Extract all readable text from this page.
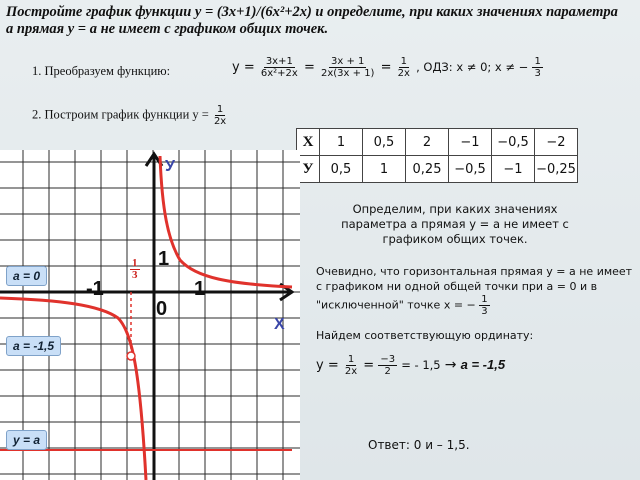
Постройте график функции y = (3x+1)/(6x²+2x) и определите, при каких значениях параметра
а прямая y = a не имеет с графиком общих точек.
1. Преобразуем функцию:	$y = \frac{3x+1}{\text{6x²+2x}} = \frac{3x + 1}{2x(3x + 1)} = \frac{1}{2x}$ , ОДЗ: x ≠ 0; x ≠ − $\frac{1}{3}$
2. Построим график функции $y = \frac{1}{2x}$
X	1	0,5	2	−1	−0,5	−2
У	0,5	1	0,25	−0,5	−1	−0,25
У
X
0
-1	1
1
$\frac{1}{3}$
a = 0
a = -1,5
y = a
Определим, при каких значениях параметра а прямая у = а не имеет с графиком общих точек.
Очевидно, что горизонтальная прямая y = a не имеет с графиком ни одной общей точки при а = 0 и в "исключенной" точке x = − $\frac{1}{3}$
Найдем соответствующую ординату:
$y = \frac{1}{2x} = \frac{-3}{2}$ = - 1,5 → a = -1,5
Ответ: 0 и – 1,5.
